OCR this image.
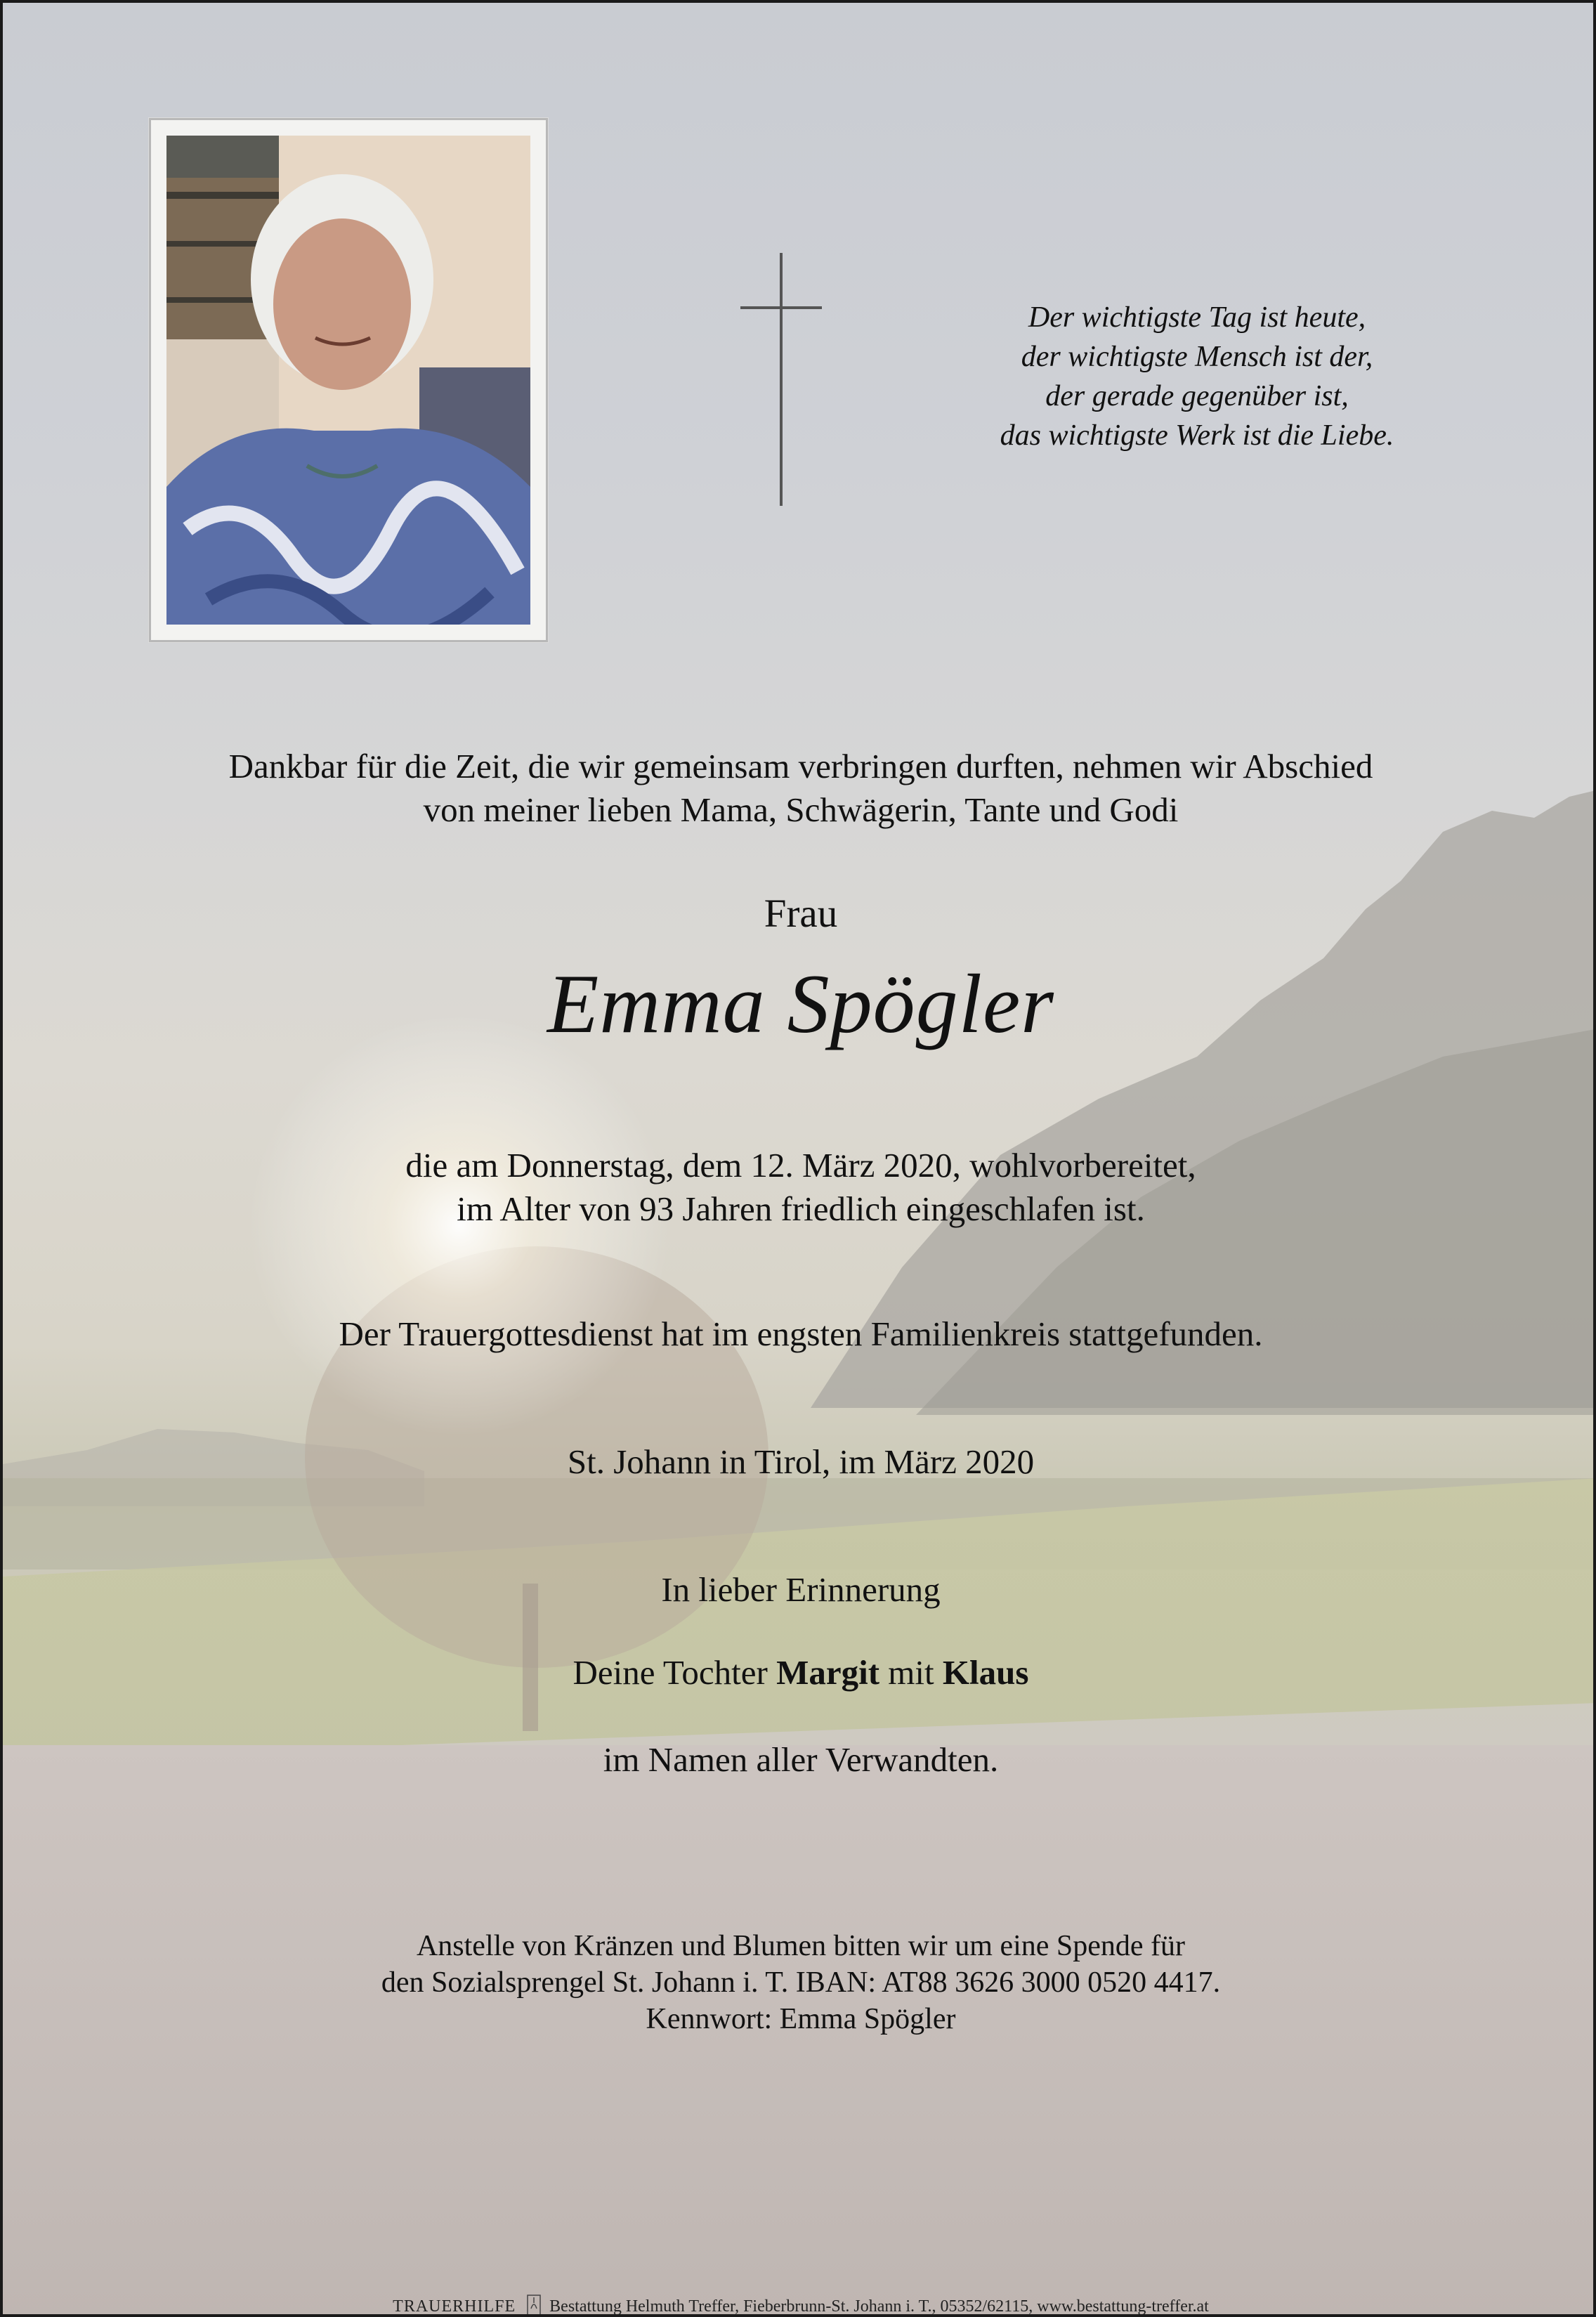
Der wichtigste Tag ist heute,
der wichtigste Mensch ist der,
der gerade gegenüber ist,
das wichtigste Werk ist die Liebe.

Dankbar für die Zeit, die wir gemeinsam verbringen durften, nehmen wir Abschied
von meiner lieben Mama, Schwägerin, Tante und Godi

Frau

Emma Spögler

die am Donnerstag, dem 12. März 2020, wohlvorbereitet,
im Alter von 93 Jahren friedlich eingeschlafen ist.

Der Trauergottesdienst hat im engsten Familienkreis stattgefunden.

St. Johann in Tirol, im März 2020

In lieber Erinnerung

Deine Tochter Margit mit Klaus

im Namen aller Verwandten.

Anstelle von Kränzen und Blumen bitten wir um eine Spende für
den Sozialsprengel St. Johann i. T. IBAN: AT88 3626 3000 0520 4417.
Kennwort: Emma Spögler

TRAUERHILFE Bestattung Helmuth Treffer, Fieberbrunn-St. Johann i. T., 05352/62115, www.bestattung-treffer.at
